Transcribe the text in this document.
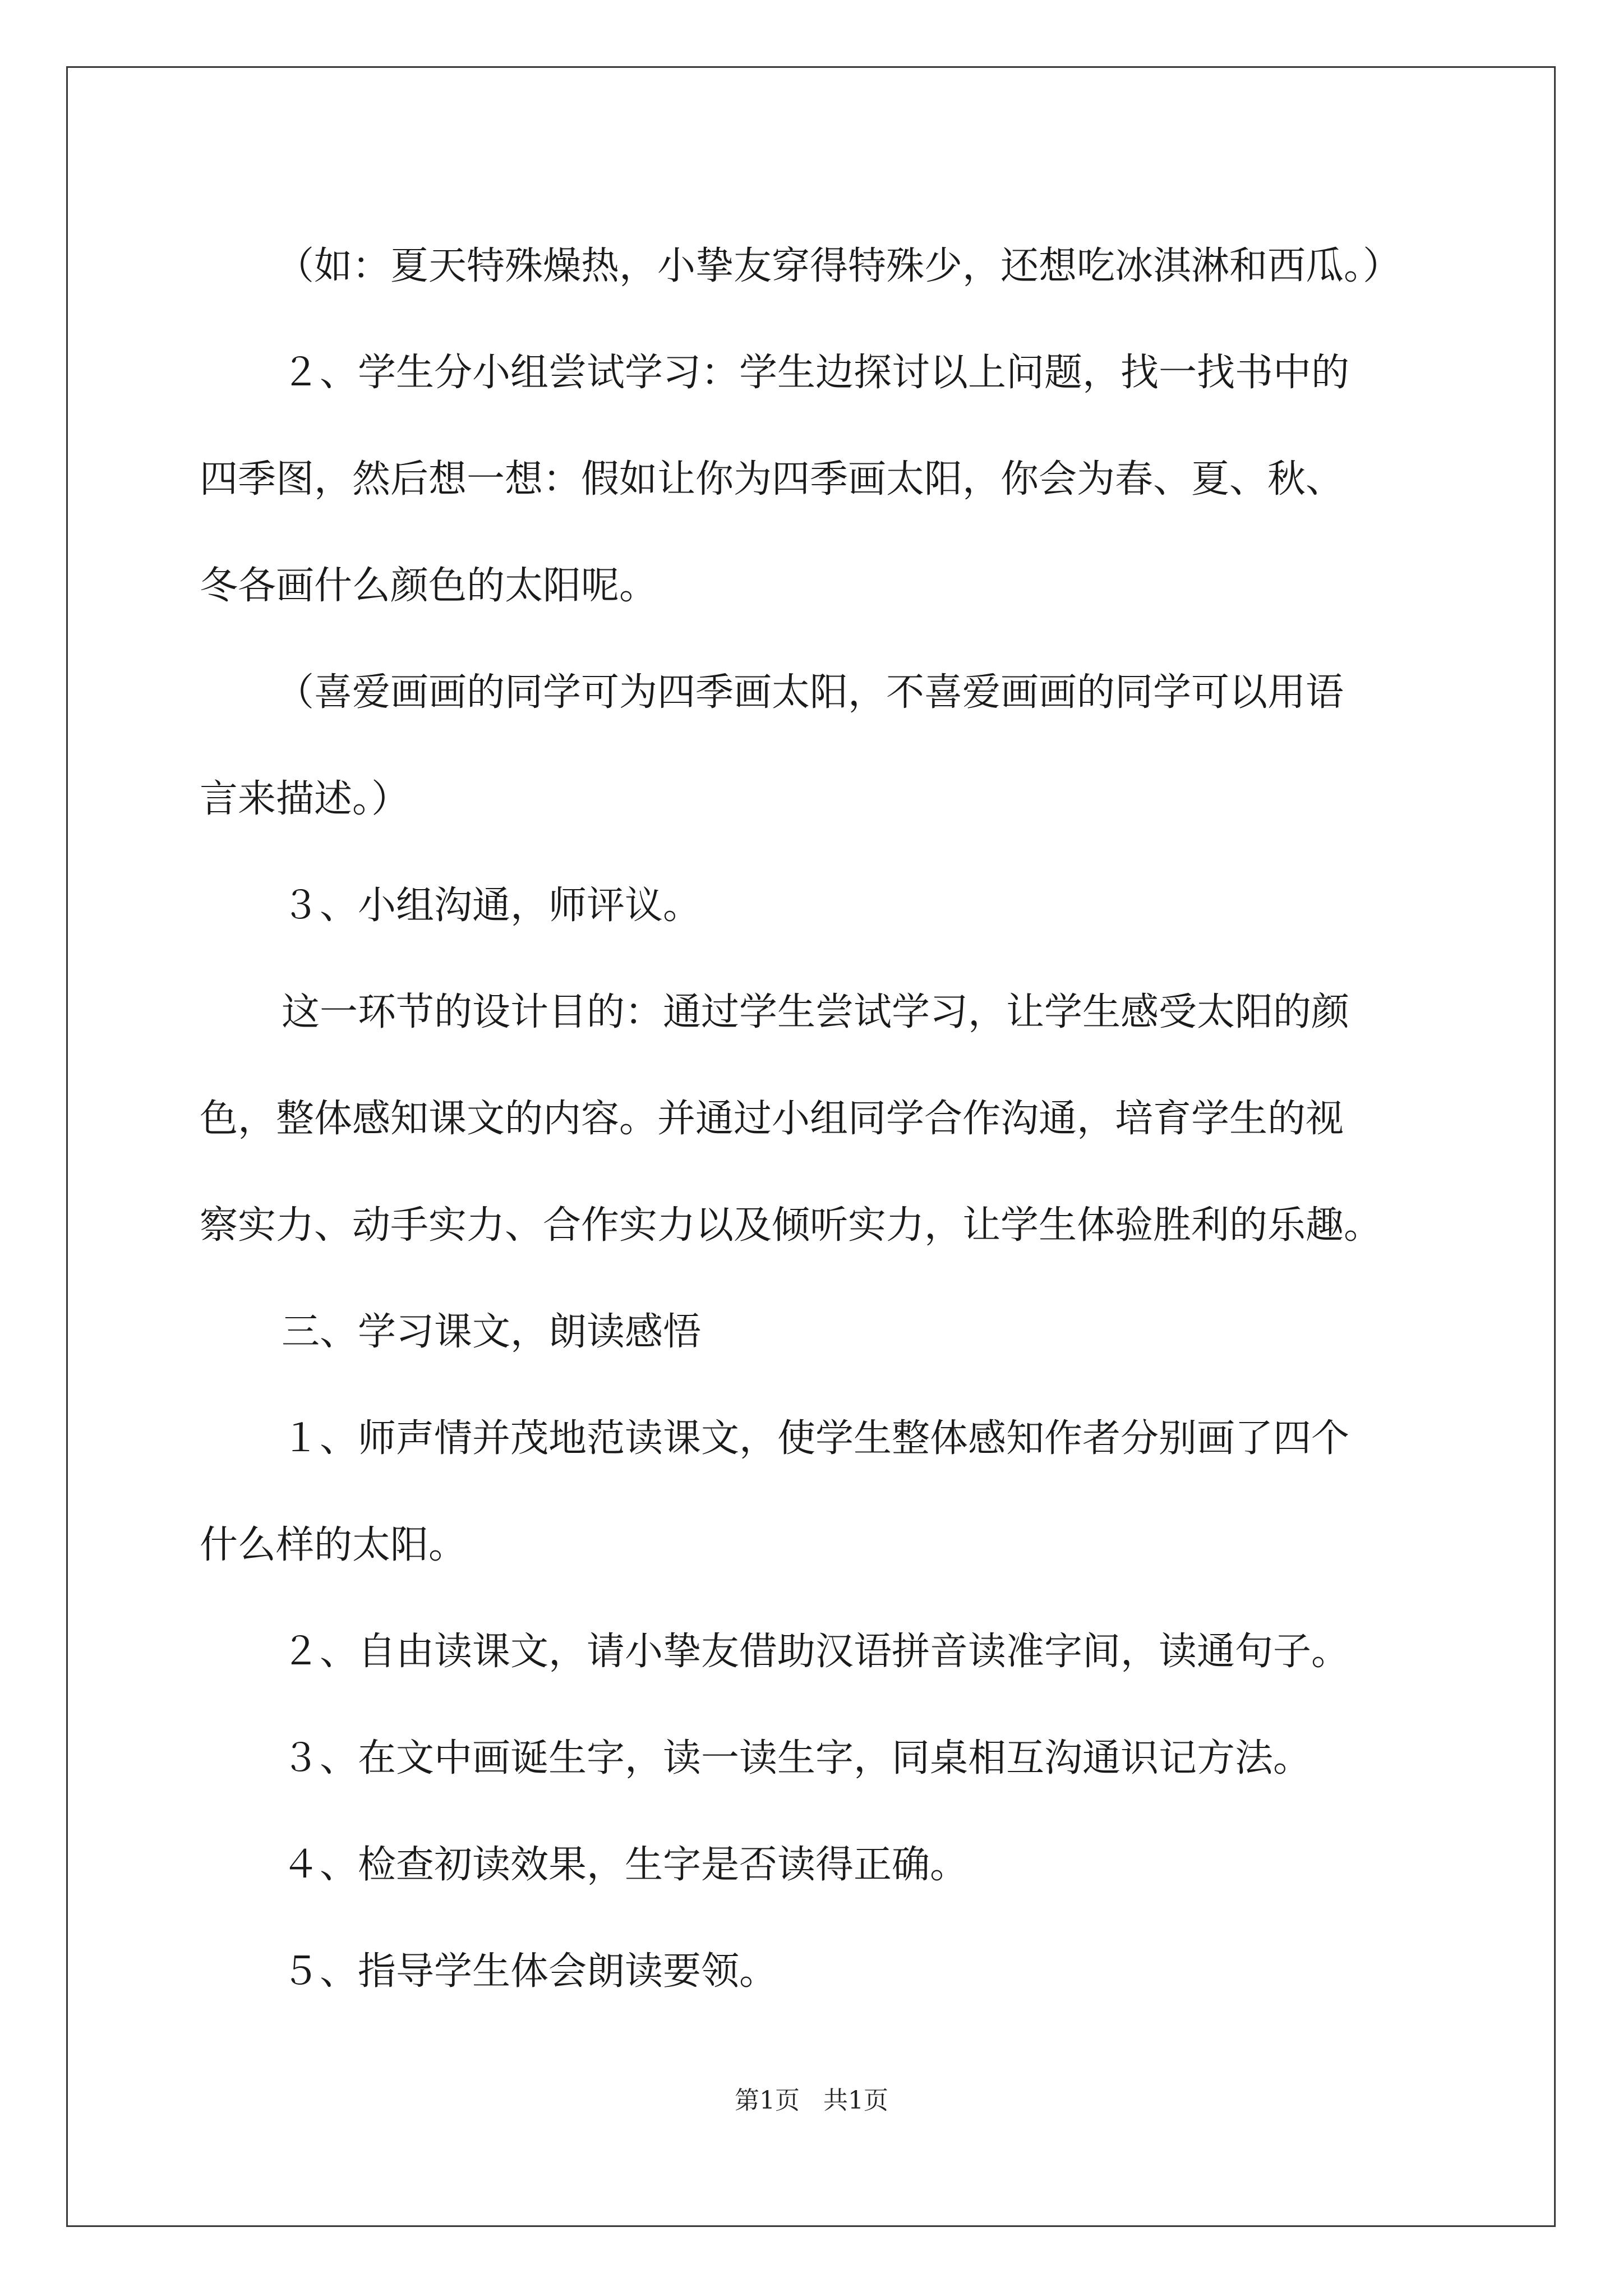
（如：夏天特殊燥热，小挚友穿得特殊少，还想吃冰淇淋和西瓜。）

２、学生分小组尝试学习：学生边探讨以上问题，找一找书中的

四季图，然后想一想：假如让你为四季画太阳，你会为春、夏、秋、

冬各画什么颜色的太阳呢。

（喜爱画画的同学可为四季画太阳，不喜爱画画的同学可以用语

言来描述。）

３、小组沟通，师评议。

这一环节的设计目的：通过学生尝试学习，让学生感受太阳的颜

色，整体感知课文的内容。并通过小组同学合作沟通，培育学生的视

察实力、动手实力、合作实力以及倾听实力，让学生体验胜利的乐趣。

三、学习课文，朗读感悟

１、师声情并茂地范读课文，使学生整体感知作者分别画了四个

什么样的太阳。

２、自由读课文，请小挚友借助汉语拼音读准字间，读通句子。

３、在文中画诞生字，读一读生字，同桌相互沟通识记方法。

４、检查初读效果，生字是否读得正确。

５、指导学生体会朗读要领。

第1页 共1页
